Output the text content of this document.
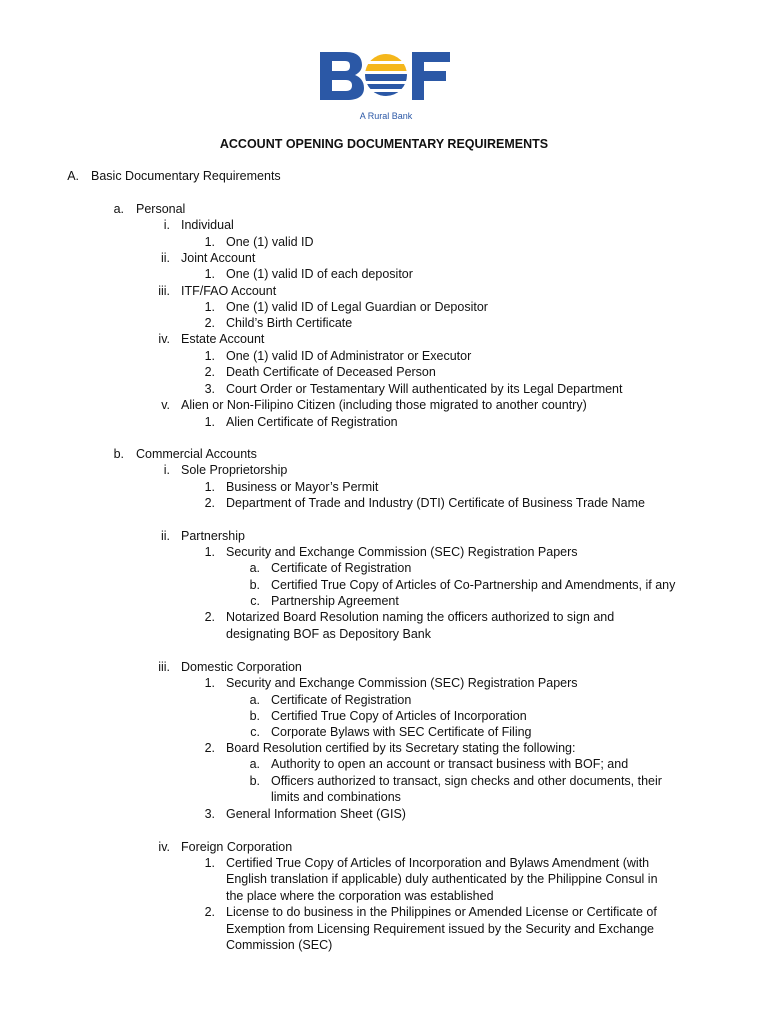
A Rural Bank
ACCOUNT OPENING DOCUMENTARY REQUIREMENTS
A. Basic Documentary Requirements
a. Personal
i. Individual
1. One (1) valid ID
ii. Joint Account
1. One (1) valid ID of each depositor
iii. ITF/FAO Account
1. One (1) valid ID of Legal Guardian or Depositor
2. Child’s Birth Certificate
iv. Estate Account
1. One (1) valid ID of Administrator or Executor
2. Death Certificate of Deceased Person
3. Court Order or Testamentary Will authenticated by its Legal Department
v. Alien or Non-Filipino Citizen (including those migrated to another country)
1. Alien Certificate of Registration
b. Commercial Accounts
i. Sole Proprietorship
1. Business or Mayor’s Permit
2. Department of Trade and Industry (DTI) Certificate of Business Trade Name
ii. Partnership
1. Security and Exchange Commission (SEC) Registration Papers
a. Certificate of Registration
b. Certified True Copy of Articles of Co-Partnership and Amendments, if any
c. Partnership Agreement
2. Notarized Board Resolution naming the officers authorized to sign and
designating BOF as Depository Bank
iii. Domestic Corporation
1. Security and Exchange Commission (SEC) Registration Papers
a. Certificate of Registration
b. Certified True Copy of Articles of Incorporation
c. Corporate Bylaws with SEC Certificate of Filing
2. Board Resolution certified by its Secretary stating the following:
a. Authority to open an account or transact business with BOF; and
b. Officers authorized to transact, sign checks and other documents, their
limits and combinations
3. General Information Sheet (GIS)
iv. Foreign Corporation
1. Certified True Copy of Articles of Incorporation and Bylaws Amendment (with
English translation if applicable) duly authenticated by the Philippine Consul in
the place where the corporation was established
2. License to do business in the Philippines or Amended License or Certificate of
Exemption from Licensing Requirement issued by the Security and Exchange
Commission (SEC)
